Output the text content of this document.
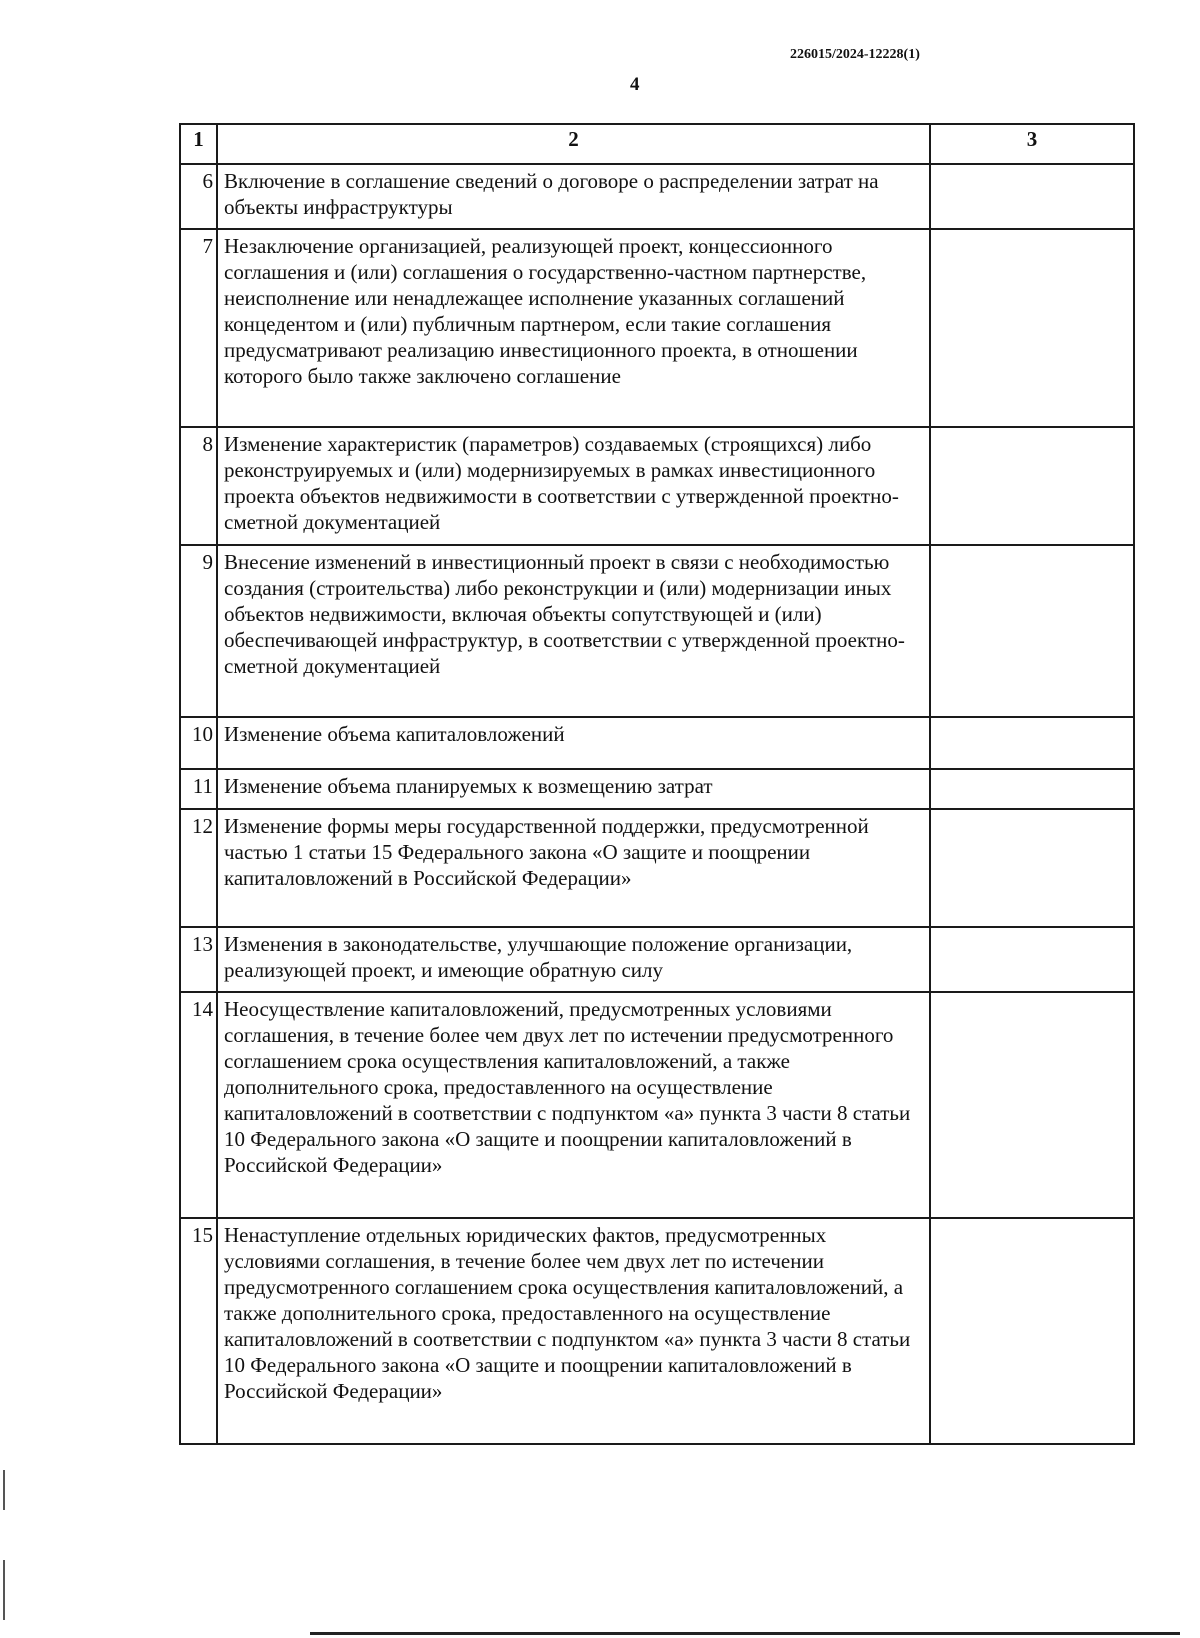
226015/2024-12228(1)
4
1	2	3
6	Включение в соглашение сведений о договоре о распределении затрат на объекты инфраструктуры	
7	Незаключение организацией, реализующей проект, концессионного соглашения и (или) соглашения о государственно-частном партнерстве, неисполнение или ненадлежащее исполнение указанных соглашений концедентом и (или) публичным партнером, если такие соглашения предусматривают реализацию инвестиционного проекта, в отношении которого было также заключено соглашение	
8	Изменение характеристик (параметров) создаваемых (строящихся) либо реконструируемых и (или) модернизируемых в рамках инвестиционного проекта объектов недвижимости в соответствии с утвержденной проектно-сметной документацией	
9	Внесение изменений в инвестиционный проект в связи с необходимостью создания (строительства) либо реконструкции и (или) модернизации иных объектов недвижимости, включая объекты сопутствующей и (или) обеспечивающей инфраструктур, в соответствии с утвержденной проектно-сметной документацией	
10	Изменение объема капиталовложений	
11	Изменение объема планируемых к возмещению затрат	
12	Изменение формы меры государственной поддержки, предусмотренной частью 1 статьи 15 Федерального закона «О защите и поощрении капиталовложений в Российской Федерации»	
13	Изменения в законодательстве, улучшающие положение организации, реализующей проект, и имеющие обратную силу	
14	Неосуществление капиталовложений, предусмотренных условиями соглашения, в течение более чем двух лет по истечении предусмотренного соглашением срока осуществления капиталовложений, а также дополнительного срока, предоставленного на осуществление капиталовложений в соответствии с подпунктом «а» пункта 3 части 8 статьи 10 Федерального закона «О защите и поощрении капиталовложений в Российской Федерации»	
15	Ненаступление отдельных юридических фактов, предусмотренных условиями соглашения, в течение более чем двух лет по истечении предусмотренного соглашением срока осуществления капиталовложений, а также дополнительного срока, предоставленного на осуществление капиталовложений в соответствии с подпунктом «а» пункта 3 части 8 статьи 10 Федерального закона «О защите и поощрении капиталовложений в Российской Федерации»	
